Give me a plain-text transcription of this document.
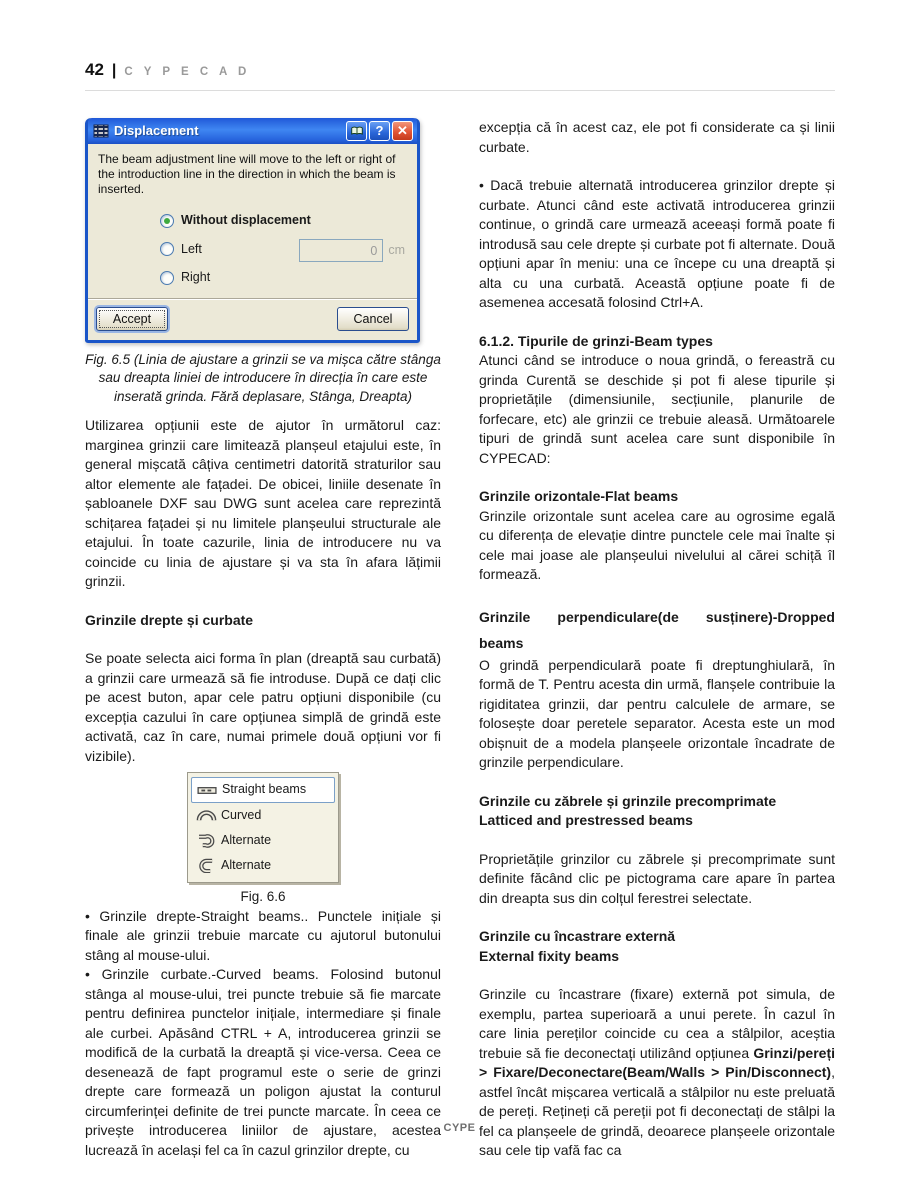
42 | C Y P E C A D
Displacement	? ✕
The beam adjustment line will move to the left or right of the introduction line in the direction in which the beam is inserted.
Without displacement
Left
Right
0
cm
Accept	Cancel
Fig. 6.5 (Linia de ajustare a grinzii se va mișca către stânga sau dreapta liniei de introducere în direcția în care este inserată grinda. Fără deplasare, Stânga, Dreapta)

Utilizarea opțiunii este de ajutor în următorul caz: marginea grinzii care limitează planșeul etajului este, în general mișcată câțiva centimetri datorită straturilor sau altor elemente ale fațadei. De obicei, liniile desenate în șabloanele DXF sau DWG sunt acelea care reprezintă schițarea fațadei și nu limitele planșeului structurale ale etajului. În toate cazurile, linia de introducere nu va coincide cu linia de ajustare și va sta în afara lățimii grinzii.

Grinzile drepte și curbate

Se poate selecta aici forma în plan (dreaptă sau curbată) a grinzii care urmează să fie introduse. După ce dați clic pe acest buton, apar cele patru opțiuni disponibile (cu excepția cazului în care opțiunea simplă de grindă este activată, caz în care, numai primele două opțiuni vor fi vizibile).

Straight beams
Curved
Alternate
Alternate
Fig. 6.6

• Grinzile drepte-Straight beams.. Punctele inițiale și finale ale grinzii trebuie marcate cu ajutorul butonului stâng al mouse-ului.

• Grinzile curbate.-Curved beams. Folosind butonul stânga al mouse-ului, trei puncte trebuie să fie marcate pentru definirea punctelor inițiale, intermediare și finale ale curbei. Apăsând CTRL + A, introducerea grinzii se modifică de la curbată la dreaptă și vice-versa. Ceea ce desenează de fapt programul este o serie de grinzi drepte care formează un poligon ajustat la conturul circumferinței definite de trei puncte marcate. În ceea ce privește introducerea liniilor de ajustare, acestea lucrează în același fel ca în cazul grinzilor drepte, cu

excepția că în acest caz, ele pot fi considerate ca și linii curbate.

• Dacă trebuie alternată introducerea grinzilor drepte și curbate. Atunci când este activată introducerea grinzii continue, o grindă care urmează aceeași formă poate fi introdusă sau cele drepte și curbate pot fi alternate. Două opțiuni apar în meniu: una ce începe cu una dreaptă și alta cu una curbată. Această opțiune poate fi de asemenea accesată folosind Ctrl+A.

6.1.2. Tipurile de grinzi-Beam types

Atunci când se introduce o noua grindă, o fereastră cu grinda Curentă se deschide și pot fi alese tipurile și proprietățile (dimensiunile, secțiunile, planurile de forfecare, etc) ale grinzii ce trebuie aleasă. Următoarele tipuri de grindă sunt acelea care sunt disponibile în CYPECAD:

Grinzile orizontale-Flat beams

Grinzile orizontale sunt acelea care au ogrosime egală cu diferența de elevație dintre punctele cele mai înalte și cele mai joase ale planșeului nivelului al cărei schiță îl formează.

Grinzile perpendiculare(de susținere)-Dropped beams

O grindă perpendiculară poate fi dreptunghiulară, în formă de T. Pentru acesta din urmă, flanșele contribuie la rigiditatea grinzii, dar pentru calculele de armare, se folosește doar peretele separator. Acesta este un mod obișnuit de a modela planșeele orizontale încadrate de grinzile perpendiculare.

Grinzile cu zăbrele și grinzile precomprimate
Latticed and prestressed beams

Proprietățile grinzilor cu zăbrele și precomprimate sunt definite făcând clic pe pictograma care apare în partea din dreapta sus din colțul ferestrei selectate.

Grinzile cu încastrare externă
External fixity beams

Grinzile cu încastrare (fixare) externă pot simula, de exemplu, partea superioară a unui perete. În cazul în care linia pereților coincide cu cea a stâlpilor, aceștia trebuie să fie deconectați utilizând opțiunea Grinzi/pereți > Fixare/Deconectare(Beam/Walls > Pin/Disconnect), astfel încât mișcarea verticală a stâlpilor nu este preluată de pereți. Rețineți că pereții pot fi deconectați de stâlpi la fel ca planșeele de grindă, deoarece planșeele orizontale sau cele tip vafă fac ca

CYPE
